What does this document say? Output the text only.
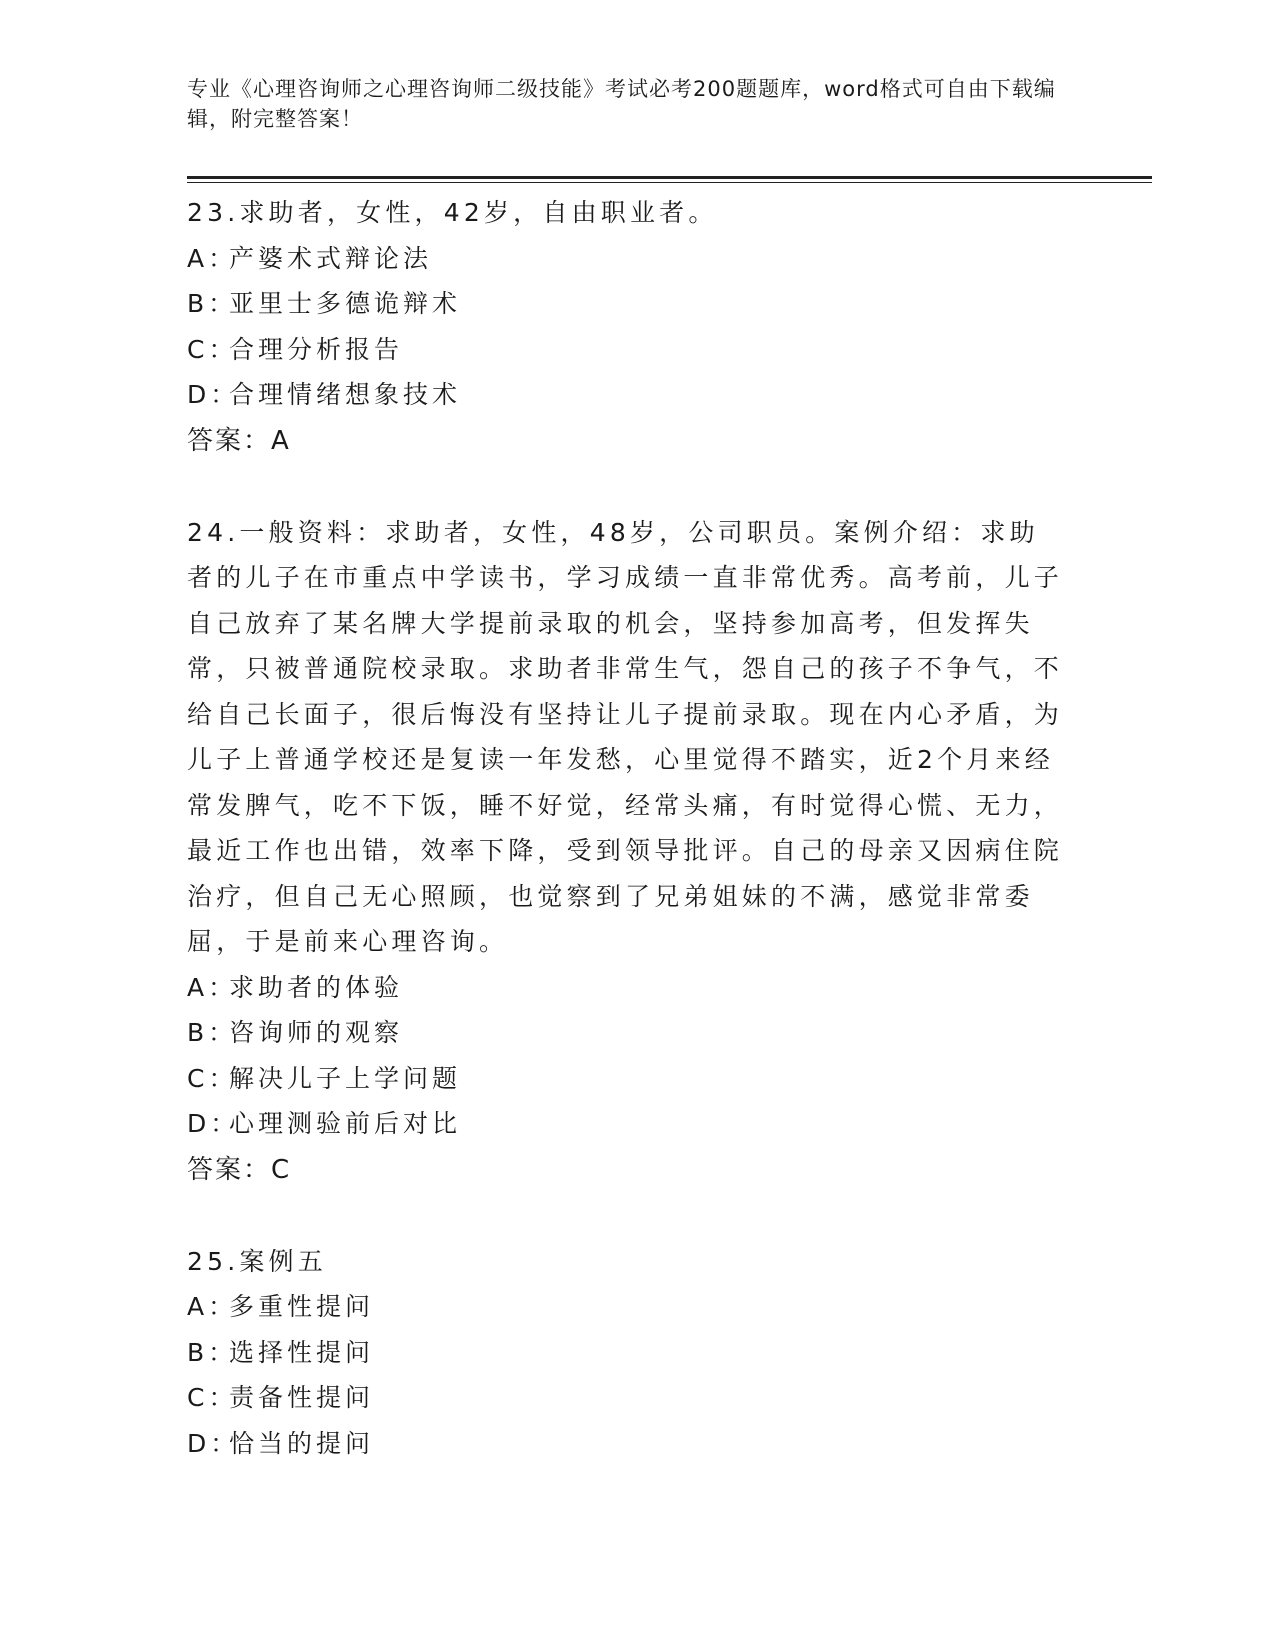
专业《心理咨询师之心理咨询师二级技能》考试必考200题题库，word格式可自由下载编辑，附完整答案！
23.求助者，女性，42岁，自由职业者。
A：
产婆术式辩论法
B：
亚里士多德诡辩术
C：
合理分析报告
D：
合理情绪想象技术
答案：A
24.一般资料：求助者，女性，48岁，公司职员。案例介绍：求助者的儿子在市重点中学读书，学习成绩一直非常优秀。高考前，儿子自己放弃了某名牌大学提前录取的机会，坚持参加高考，但发挥失常，只被普通院校录取。求助者非常生气，怨自己的孩子不争气，不给自己长面子，很后悔没有坚持让儿子提前录取。现在内心矛盾，为儿子上普通学校还是复读一年发愁，心里觉得不踏实，近2个月来经常发脾气，吃不下饭，睡不好觉，经常头痛，有时觉得心慌、无力，最近工作也出错，效率下降，受到领导批评。自己的母亲又因病住院治疗，但自己无心照顾，也觉察到了兄弟姐妹的不满，感觉非常委屈，于是前来心理咨询。
A：
求助者的体验
B：
咨询师的观察
C：
解决儿子上学问题
D：
心理测验前后对比
答案：C
25.案例五
A：
多重性提问
B：
选择性提问
C：
责备性提问
D：
恰当的提问
